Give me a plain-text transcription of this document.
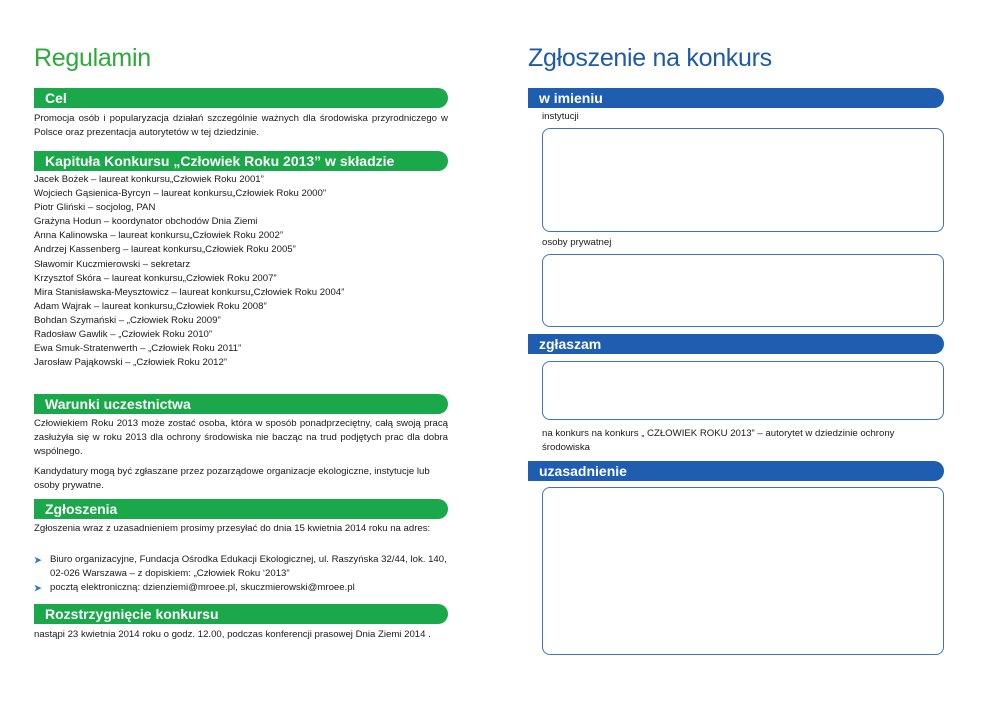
Regulamin
Cel
Promocja osób i popularyzacja działań szczególnie ważnych dla środowiska przyrodniczego w Polsce oraz prezentacja autorytetów w tej dziedzinie.
Kapituła Konkursu „Człowiek Roku 2013” w składzie
Jacek Bożek – laureat konkursu„Człowiek Roku 2001”
Wojciech Gąsienica-Byrcyn – laureat konkursu„Człowiek Roku 2000”
Piotr Gliński – socjolog, PAN
Grażyna Hodun – koordynator obchodów Dnia Ziemi
Anna Kalinowska – laureat konkursu„Człowiek Roku 2002”
Andrzej Kassenberg – laureat konkursu„Człowiek Roku 2005”
Sławomir Kuczmierowski – sekretarz
Krzysztof Skóra – laureat konkursu„Człowiek Roku 2007”
Mira Stanisławska-Meysztowicz – laureat konkursu„Człowiek Roku 2004”
Adam Wajrak – laureat konkursu„Człowiek Roku 2008”
Bohdan Szymański – „Człowiek Roku 2009”
Radosław Gawlik – „Człowiek Roku 2010”
Ewa Smuk-Stratenwerth – „Człowiek Roku 2011”
Jarosław Pająkowski – „Człowiek Roku 2012”
Warunki uczestnictwa
Człowiekiem Roku 2013 może zostać osoba, która w sposób ponadprzeciętny, całą swoją pracą zasłużyła się w roku 2013 dla ochrony środowiska nie bacząc na trud podjętych prac dla dobra wspólnego.
Kandydatury mogą być zgłaszane przez pozarządowe organizacje ekologiczne, instytucje lub osoby prywatne.
Zgłoszenia
Zgłoszenia wraz z uzasadnieniem prosimy przesyłać do dnia 15 kwietnia 2014 roku na adres:
➤ Biuro organizacyjne, Fundacja Ośrodka Edukacji Ekologicznej, ul. Raszyńska 32/44, lok. 140, 02-026 Warszawa – z dopiskiem: „Człowiek Roku ‘2013”
➤ pocztą elektroniczną: dzienziemi@mroee.pl, skuczmierowski@mroee.pl
Rozstrzygnięcie konkursu
nastąpi 23 kwietnia 2014 roku o godz. 12.00, podczas konferencji prasowej Dnia Ziemi 2014 .
Zgłoszenie na konkurs
w imieniu
instytucji
osoby prywatnej
zgłaszam
na konkurs na konkurs „ CZŁOWIEK ROKU 2013” – autorytet w dziedzinie ochrony środowiska
uzasadnienie
